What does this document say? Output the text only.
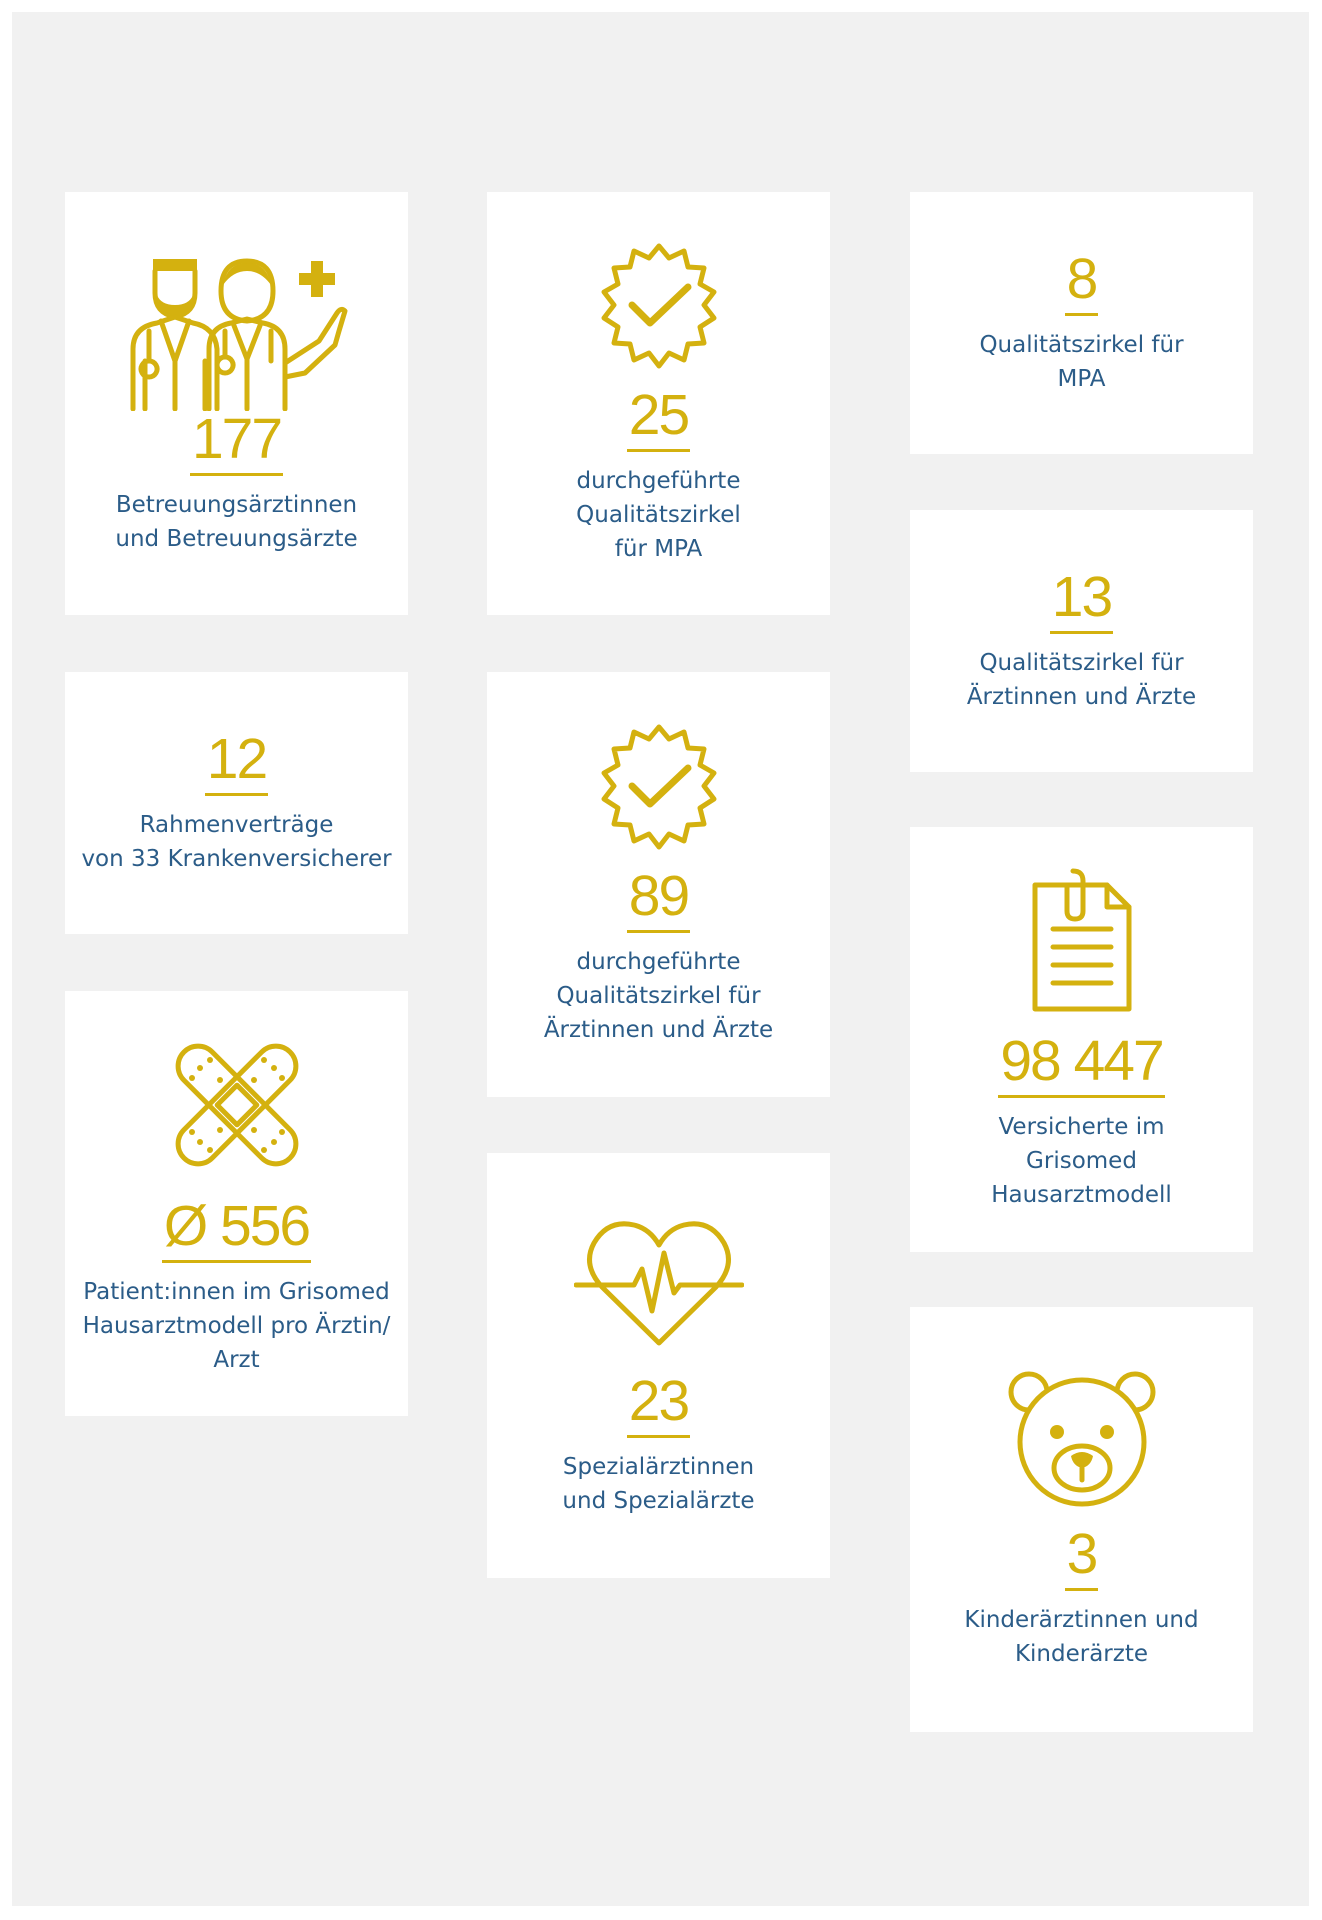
177
Betreuungsärztinnen
und Betreuungsärzte
12
Rahmenverträge
von 33 Krankenversicherer
Ø 556
Patient:innen im Grisomed
Hausarztmodell pro Ärztin/
Arzt
25
durchgeführte
Qualitätszirkel
für MPA
89
durchgeführte
Qualitätszirkel für
Ärztinnen und Ärzte
23
Spezialärztinnen
und Spezialärzte
8
Qualitätszirkel für
MPA
13
Qualitätszirkel für
Ärztinnen und Ärzte
98 447
Versicherte im
Grisomed
Hausarztmodell
3
Kinderärztinnen und
Kinderärzte
